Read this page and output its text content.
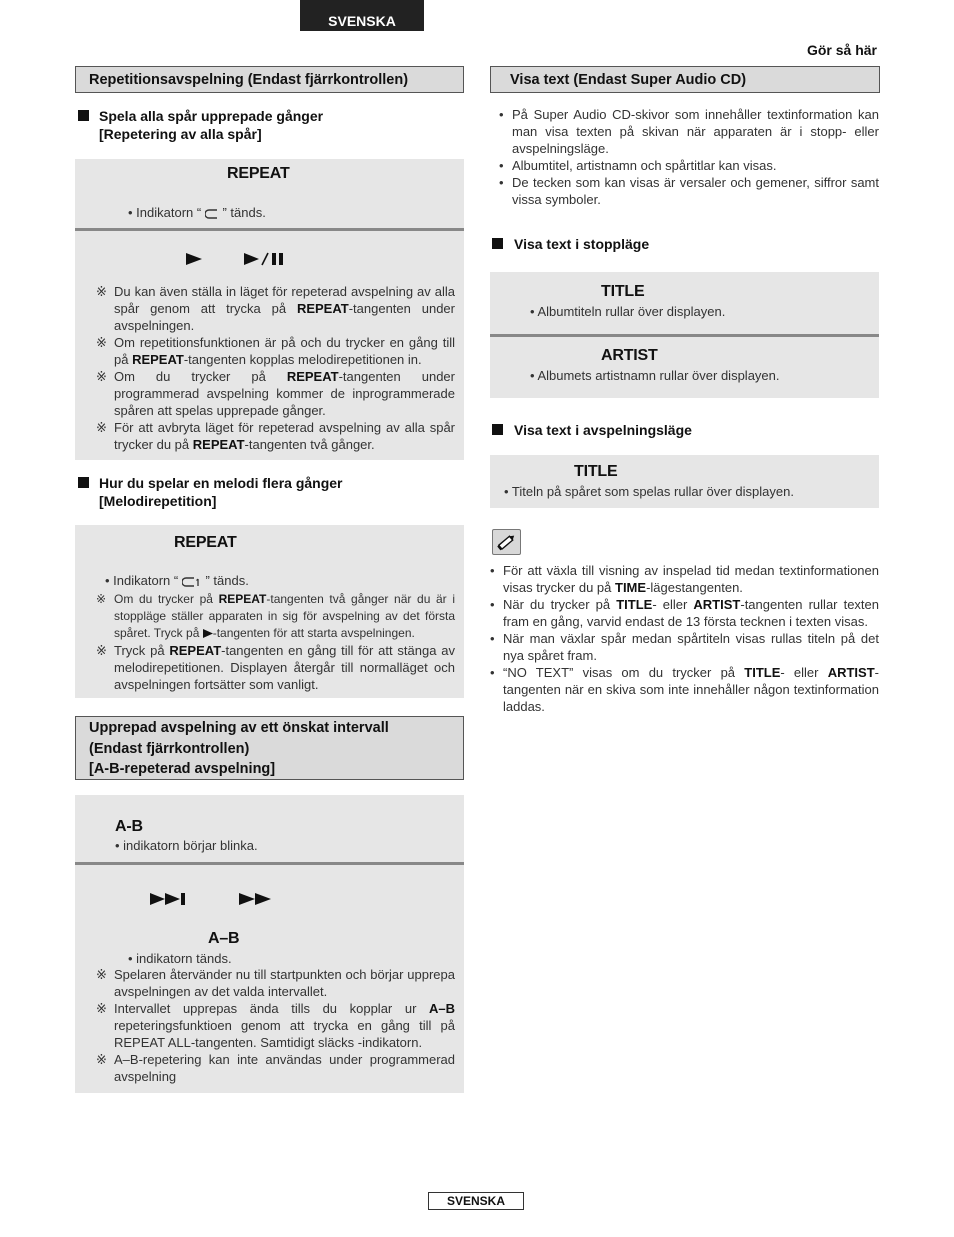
SVENSKA
Gör så här
Repetitionsavspelning (Endast fjärrkontrollen)
Spela alla spår upprepade gånger
[Repetering av alla spår]
REPEAT
• Indikatorn “ ” tänds.
※ Du kan även ställa in läget för repeterad avspelning av alla spår genom att trycka på REPEAT-tangenten under avspelningen.
※ Om repetitionsfunktionen är på och du trycker en gång till på REPEAT-tangenten kopplas melodirepetitionen in.
※ Om du trycker på REPEAT-tangenten under programmerad avspelning kommer de inprogrammerade spåren att spelas upprepade gånger.
※ För att avbryta läget för repeterad avspelning av alla spår trycker du på REPEAT-tangenten två gånger.
Hur du spelar en melodi flera gånger
[Melodirepetition]
REPEAT
• Indikatorn “ ” tänds.
※ Om du trycker på REPEAT-tangenten två gånger när du är i stoppläge ställer apparaten in sig för avspelning av det första spåret. Tryck på
-tangenten för att starta avspelningen.
※ Tryck på REPEAT-tangenten en gång till för att stänga av melodirepetitionen. Displayen återgår till normalläget och avspelningen fortsätter som vanligt.
Upprepad avspelning av ett önskat intervall
(Endast fjärrkontrollen)
[A-B-repeterad avspelning]
A-B
• indikatorn börjar blinka.
A–B
• indikatorn tänds.
※ Spelaren återvänder nu till startpunkten och börjar upprepa avspelningen av det valda intervallet.
※ Intervallet upprepas ända tills du kopplar ur A–B repeteringsfunktioen genom att trycka en gång till på REPEAT ALL-tangenten. Samtidigt släcks -indikatorn.
※ A–B-repetering kan inte användas under programmerad avspelning
Visa text (Endast Super Audio CD)
• På Super Audio CD-skivor som innehåller textinformation kan man visa texten på skivan när apparaten är i stopp- eller avspelningsläge.
• Albumtitel, artistnamn och spårtitlar kan visas.
• De tecken som kan visas är versaler och gemener, siffror samt vissa symboler.
Visa text i stoppläge
TITLE
• Albumtiteln rullar över displayen.
ARTIST
• Albumets artistnamn rullar över displayen.
Visa text i avspelningsläge
TITLE
• Titeln på spåret som spelas rullar över displayen.
• För att växla till visning av inspelad tid medan textinformationen visas trycker du på TIME-lägestangenten.
• När du trycker på TITLE- eller ARTIST-tangenten rullar texten fram en gång, varvid endast de 13 första tecknen i texten visas.
• När man växlar spår medan spårtiteln visas rullas titeln på det nya spåret fram.
• “NO TEXT” visas om du trycker på TITLE- eller ARTIST-tangenten när en skiva som inte innehåller någon textinformation laddas.
SVENSKA
